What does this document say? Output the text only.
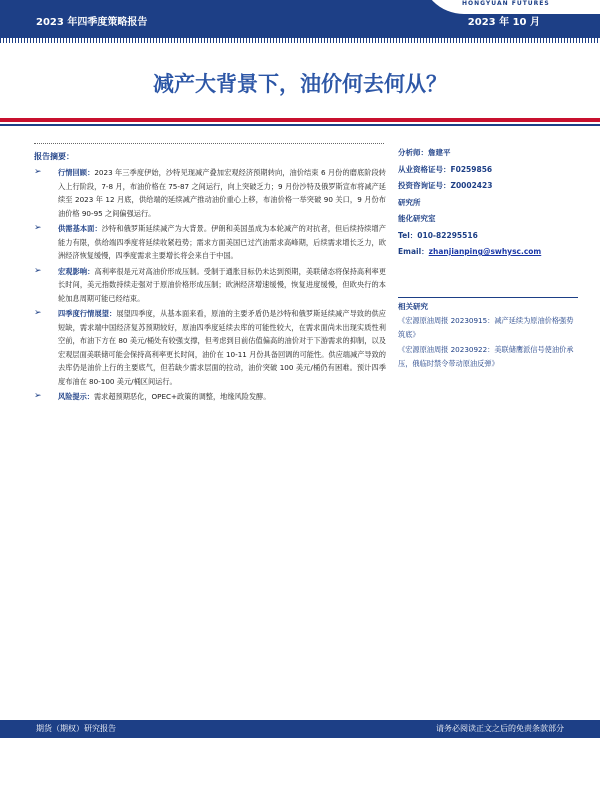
2023 年四季度策略报告	2023 年 10 月
HONGYUAN FUTURES
减产大背景下，油价何去何从？
报告摘要：
➢ 行情回顾：2023 年三季度伊始，沙特见现减产叠加宏观经济预期转向，油价结束 6 月份的磨底阶段转入上行阶段，7-8 月，布油价格在 75-87 之间运行，向上突破乏力；9 月份沙特及俄罗斯宣布将减产延续至 2023 年 12 月底，供给端的延续减产推动油价重心上移，布油价格一举突破 90 关口，9 月份布油价格 90-95 之间偏强运行。
➢ 供需基本面：沙特和俄罗斯延续减产为大背景。伊朗和美国虽成为本轮减产的对抗者，但后续持续增产能力有限，供给端四季度将延续收紧趋势；需求方面美国已过汽油需求高峰期，后续需求增长乏力，欧洲经济恢复缓慢，四季度需求主要增长将会来自于中国。
➢ 宏观影响：高利率很是元对高油价形成压制。受制于通胀目标仍未达到预期，美联储态将保持高利率更长时间，美元指数持续走强对于原油价格形成压制；欧洲经济增速缓慢，恢复进度缓慢，但欧央行的本轮加息周期可能已经结束。
➢ 四季度行情展望：展望四季度，从基本面来看，原油的主要矛盾仍是沙特和俄罗斯延续减产导致的供应短缺，需求端中国经济复苏预期较好，原油四季度延续去库的可能性较大，在需求面尚未出现实质性利空前，布油下方在 80 美元/桶处有较强支撑，但考虑到目前估值偏高的油价对于下游需求的抑制，以及宏观层面美联储可能会保持高利率更长时间，油价在 10-11 月份具备回调的可能性。供应端减产导致的去库仍是油价上行的主要底气，但若缺少需求层面的拉动，油价突破 100 美元/桶仍有困难。预计四季度布油在 80-100 美元/桶区间运行。
➢ 风险提示：需求超预期恶化，OPEC+政策的调整，地缘风险发酵。
分析师：詹建平
从业资格证号：F0259856
投资咨询证号：Z0002423
研究所
能化研究室
Tel：010-82295516
Email：zhanjianping@swhysc.com
相关研究
《宏源原油周报 20230915：减产延续为原油价格强势筑底》
《宏源原油周报 20230922：美联储鹰派信号使油价承压，俄临时禁令带动原油反弹》
期货（期权）研究报告	请务必阅读正文之后的免责条款部分
